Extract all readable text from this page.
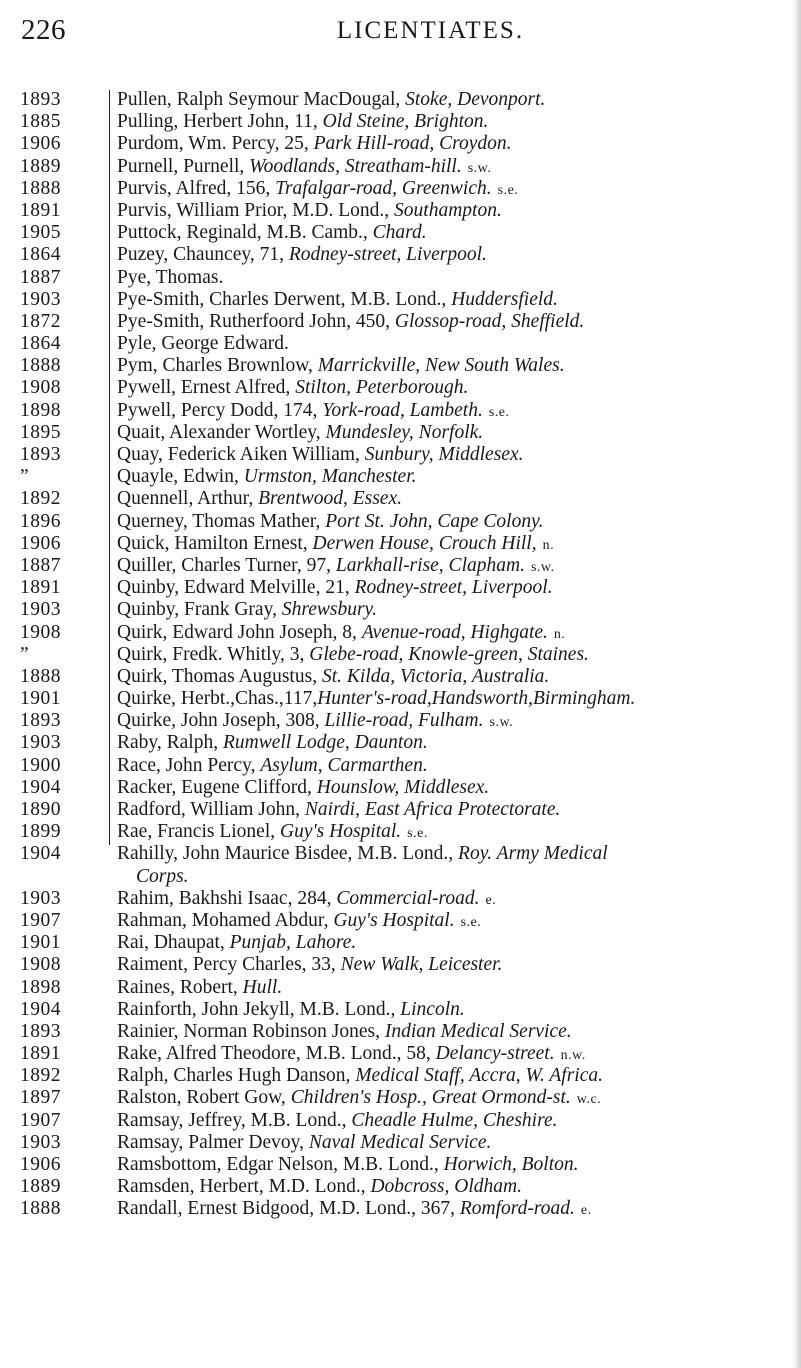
226	LICENTIATES.
1893	Pullen, Ralph Seymour MacDougal, Stoke, Devonport.
1885	Pulling, Herbert John, 11, Old Steine, Brighton.
1906	Purdom, Wm. Percy, 25, Park Hill-road, Croydon.
1889	Purnell, Purnell, Woodlands, Streatham-hill. s.w.
1888	Purvis, Alfred, 156, Trafalgar-road, Greenwich. s.e.
1891	Purvis, William Prior, M.D. Lond., Southampton.
1905	Puttock, Reginald, M.B. Camb., Chard.
1864	Puzey, Chauncey, 71, Rodney-street, Liverpool.
1887	Pye, Thomas.
1903	Pye-Smith, Charles Derwent, M.B. Lond., Huddersfield.
1872	Pye-Smith, Rutherfoord John, 450, Glossop-road, Sheffield.
1864	Pyle, George Edward.
1888	Pym, Charles Brownlow, Marrickville, New South Wales.
1908	Pywell, Ernest Alfred, Stilton, Peterborough.
1898	Pywell, Percy Dodd, 174, York-road, Lambeth. s.e.
1895	Quait, Alexander Wortley, Mundesley, Norfolk.
1893	Quay, Federick Aiken William, Sunbury, Middlesex.
”	Quayle, Edwin, Urmston, Manchester.
1892	Quennell, Arthur, Brentwood, Essex.
1896	Querney, Thomas Mather, Port St. John, Cape Colony.
1906	Quick, Hamilton Ernest, Derwen House, Crouch Hill, n.
1887	Quiller, Charles Turner, 97, Larkhall-rise, Clapham. s.w.
1891	Quinby, Edward Melville, 21, Rodney-street, Liverpool.
1903	Quinby, Frank Gray, Shrewsbury.
1908	Quirk, Edward John Joseph, 8, Avenue-road, Highgate. n.
”	Quirk, Fredk. Whitly, 3, Glebe-road, Knowle-green, Staines.
1888	Quirk, Thomas Augustus, St. Kilda, Victoria, Australia.
1901	Quirke, Herbt.,Chas.,117,Hunter's-road,Handsworth,Birmingham.
1893	Quirke, John Joseph, 308, Lillie-road, Fulham. s.w.
1903	Raby, Ralph, Rumwell Lodge, Daunton.
1900	Race, John Percy, Asylum, Carmarthen.
1904	Racker, Eugene Clifford, Hounslow, Middlesex.
1890	Radford, William John, Nairdi, East Africa Protectorate.
1899	Rae, Francis Lionel, Guy's Hospital. s.e.
1904	Rahilly, John Maurice Bisdee, M.B. Lond., Roy. Army Medical
Corps.
1903	Rahim, Bakhshi Isaac, 284, Commercial-road. e.
1907	Rahman, Mohamed Abdur, Guy's Hospital. s.e.
1901	Rai, Dhaupat, Punjab, Lahore.
1908	Raiment, Percy Charles, 33, New Walk, Leicester.
1898	Raines, Robert, Hull.
1904	Rainforth, John Jekyll, M.B. Lond., Lincoln.
1893	Rainier, Norman Robinson Jones, Indian Medical Service.
1891	Rake, Alfred Theodore, M.B. Lond., 58, Delancy-street. n.w.
1892	Ralph, Charles Hugh Danson, Medical Staff, Accra, W. Africa.
1897	Ralston, Robert Gow, Children's Hosp., Great Ormond-st. w.c.
1907	Ramsay, Jeffrey, M.B. Lond., Cheadle Hulme, Cheshire.
1903	Ramsay, Palmer Devoy, Naval Medical Service.
1906	Ramsbottom, Edgar Nelson, M.B. Lond., Horwich, Bolton.
1889	Ramsden, Herbert, M.D. Lond., Dobcross, Oldham.
1888	Randall, Ernest Bidgood, M.D. Lond., 367, Romford-road. e.
